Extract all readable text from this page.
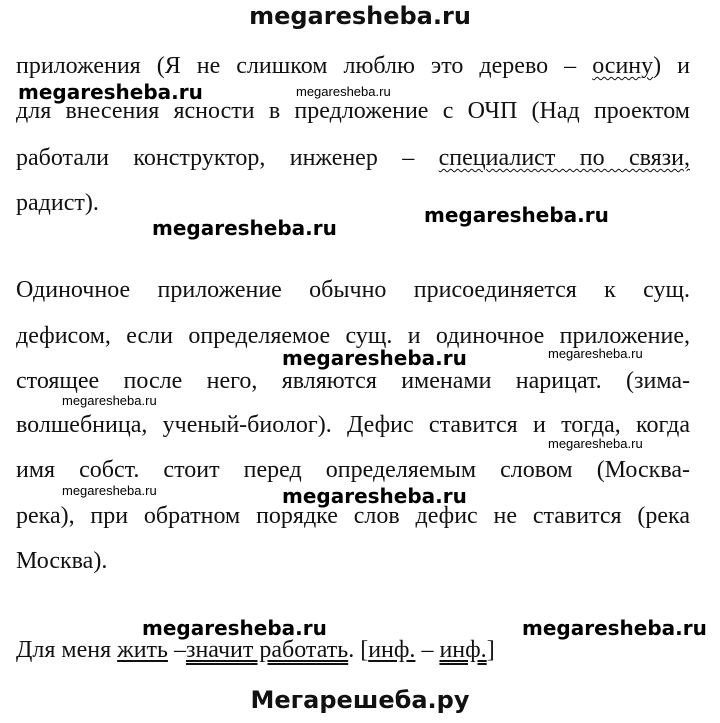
megaresheba.ru
приложения (Я не слишком люблю это дерево – осину) и
для внесения ясности в предложение с ОЧП (Над проектом
работали конструктор, инженер – специалист по связи,
радист).
Одиночное приложение обычно присоединяется к сущ.
дефисом, если определяемое сущ. и одиночное приложение,
стоящее после него, являются именами нарицат. (зима-
волшебница, ученый-биолог). Дефис ставится и тогда, когда
имя собст. стоит перед определяемым словом (Москва-
река), при обратном порядке слов дефис не ставится (река
Москва).
Для меня жить –значит работать. [инф. – инф.]
megaresheba.ru	megaresheba.ru
megaresheba.ru
megaresheba.ru
megaresheba.ru	megaresheba.ru
megaresheba.ru
megaresheba.ru
megaresheba.ru	megaresheba.ru
megaresheba.ru	megaresheba.ru
Мегарешеба.ру
